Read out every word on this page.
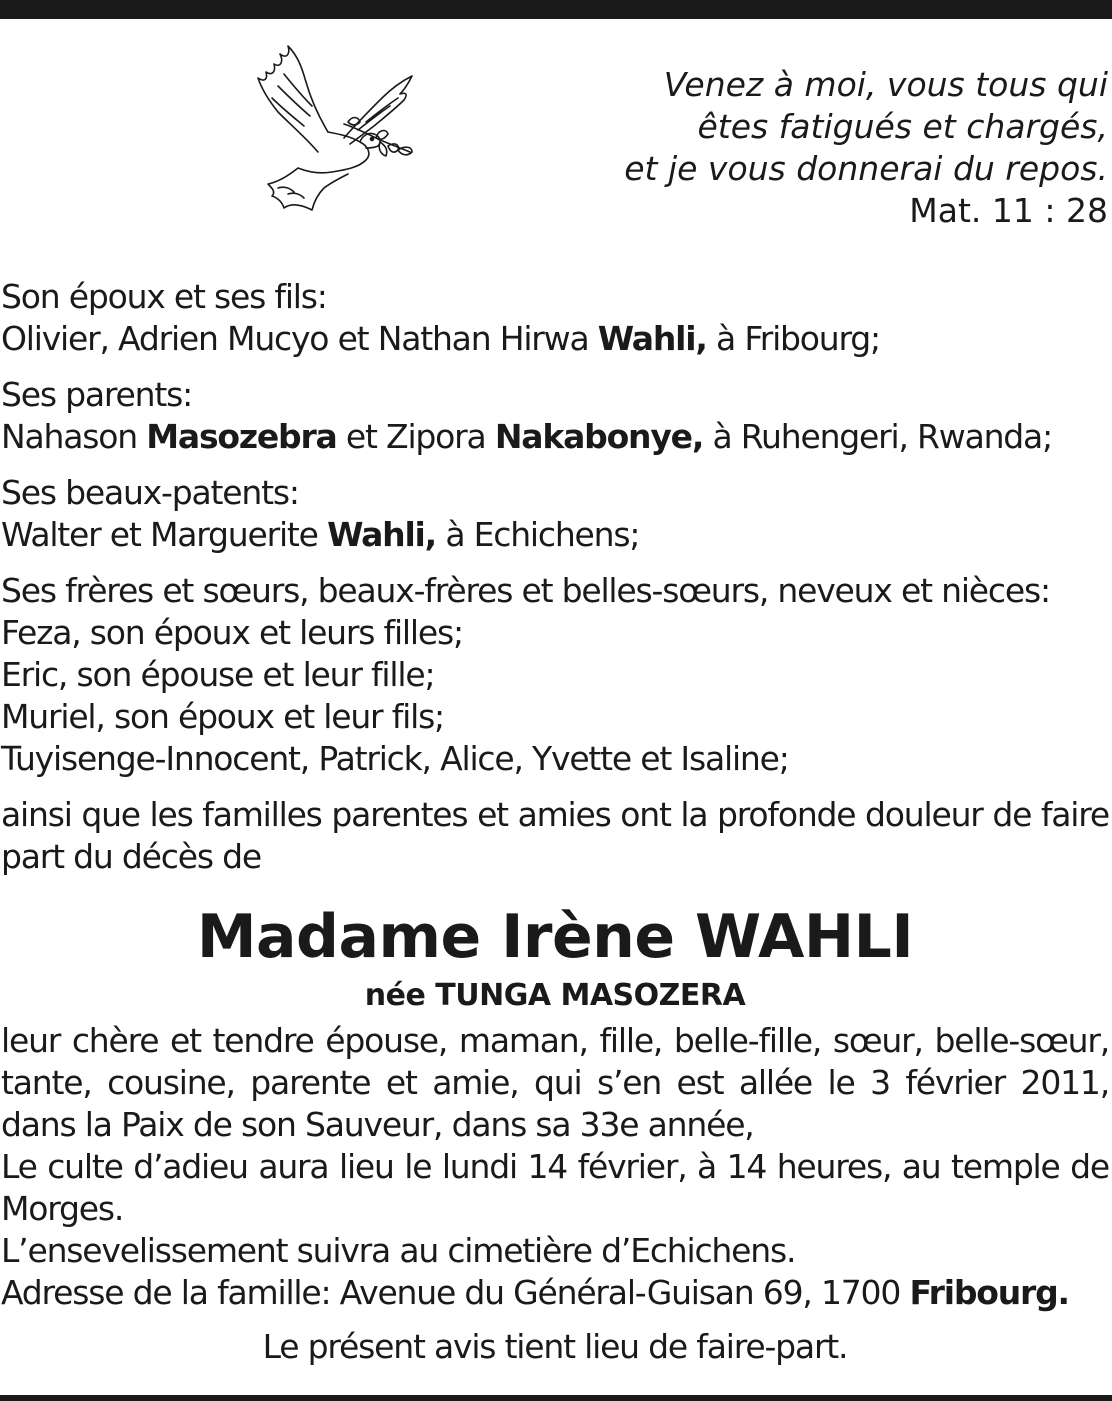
Venez à moi, vous tous qui
êtes fatigués et chargés,
et je vous donnerai du repos.
Mat. 11 : 28
Son époux et ses fils:
Olivier, Adrien Mucyo et Nathan Hirwa Wahli, à Fribourg;
Ses parents:
Nahason Masozebra et Zipora Nakabonye, à Ruhengeri, Rwanda;
Ses beaux-patents:
Walter et Marguerite Wahli, à Echichens;
Ses frères et sœurs, beaux-frères et belles-sœurs, neveux et nièces:
Feza, son époux et leurs filles;
Eric, son épouse et leur fille;
Muriel, son époux et leur fils;
Tuyisenge-Innocent, Patrick, Alice, Yvette et Isaline;
ainsi que les familles parentes et amies ont la profonde douleur de faire part du décès de
Madame Irène WAHLI
née TUNGA MASOZERA
leur chère et tendre épouse, maman, fille, belle-fille, sœur, belle-sœur, tante, cousine, parente et amie, qui s’en est allée le 3 février 2011, dans la Paix de son Sauveur, dans sa 33e année,
Le culte d’adieu aura lieu le lundi 14 février, à 14 heures, au temple de Morges.
L’ensevelissement suivra au cimetière d’Echichens.
Adresse de la famille: Avenue du Général-Guisan 69, 1700 Fribourg.
Le présent avis tient lieu de faire-part.
